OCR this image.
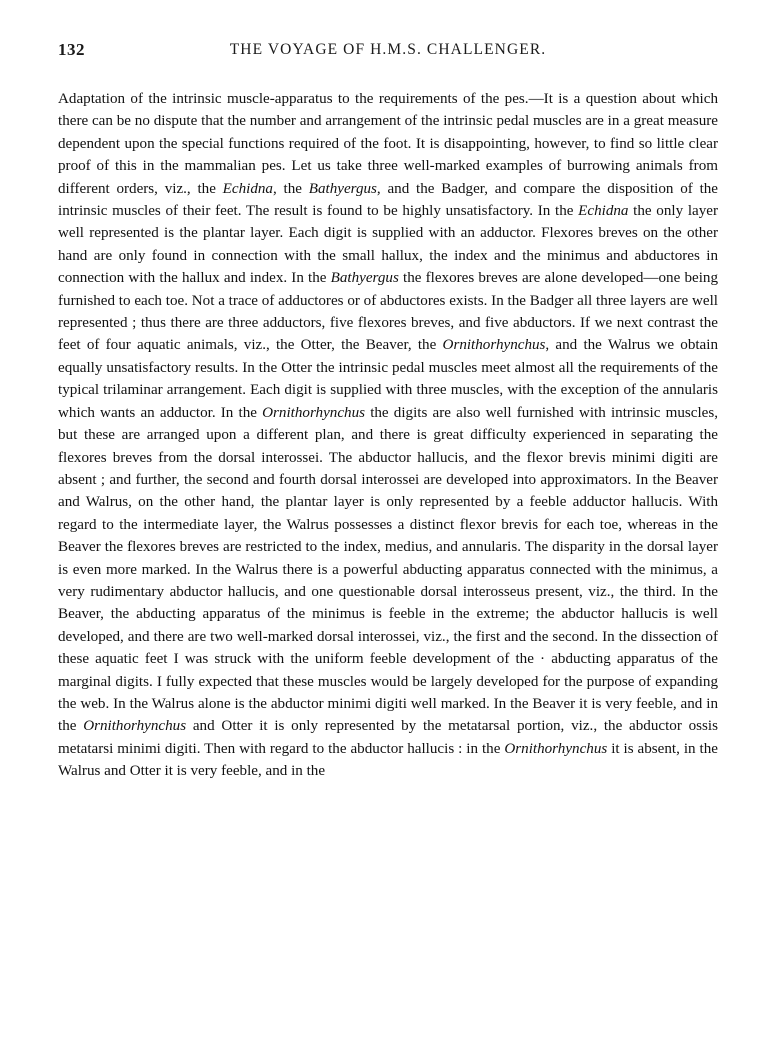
132	THE VOYAGE OF H.M.S. CHALLENGER.
Adaptation of the intrinsic muscle-apparatus to the requirements of the pes.—It is a question about which there can be no dispute that the number and arrangement of the intrinsic pedal muscles are in a great measure dependent upon the special functions required of the foot. It is disappointing, however, to find so little clear proof of this in the mammalian pes. Let us take three well-marked examples of burrowing animals from different orders, viz., the Echidna, the Bathyergus, and the Badger, and compare the disposition of the intrinsic muscles of their feet. The result is found to be highly unsatisfactory. In the Echidna the only layer well represented is the plantar layer. Each digit is supplied with an adductor. Flexores breves on the other hand are only found in connection with the small hallux, the index and the minimus and abductores in connection with the hallux and index. In the Bathyergus the flexores breves are alone developed—one being furnished to each toe. Not a trace of adductores or of abductores exists. In the Badger all three layers are well represented ; thus there are three adductors, five flexores breves, and five abductors. If we next contrast the feet of four aquatic animals, viz., the Otter, the Beaver, the Ornithorhynchus, and the Walrus we obtain equally unsatisfactory results. In the Otter the intrinsic pedal muscles meet almost all the requirements of the typical trilaminar arrangement. Each digit is supplied with three muscles, with the exception of the annularis which wants an adductor. In the Ornithorhynchus the digits are also well furnished with intrinsic muscles, but these are arranged upon a different plan, and there is great difficulty experienced in separating the flexores breves from the dorsal interossei. The abductor hallucis, and the flexor brevis minimi digiti are absent ; and further, the second and fourth dorsal interossei are developed into approximators. In the Beaver and Walrus, on the other hand, the plantar layer is only represented by a feeble adductor hallucis. With regard to the intermediate layer, the Walrus possesses a distinct flexor brevis for each toe, whereas in the Beaver the flexores breves are restricted to the index, medius, and annularis. The disparity in the dorsal layer is even more marked. In the Walrus there is a powerful abducting apparatus connected with the minimus, a very rudimentary abductor hallucis, and one questionable dorsal interosseus present, viz., the third. In the Beaver, the abducting apparatus of the minimus is feeble in the extreme; the abductor hallucis is well developed, and there are two well-marked dorsal interossei, viz., the first and the second. In the dissection of these aquatic feet I was struck with the uniform feeble development of the · abducting apparatus of the marginal digits. I fully expected that these muscles would be largely developed for the purpose of expanding the web. In the Walrus alone is the abductor minimi digiti well marked. In the Beaver it is very feeble, and in the Ornithorhynchus and Otter it is only represented by the metatarsal portion, viz., the abductor ossis metatarsi minimi digiti. Then with regard to the abductor hallucis : in the Ornithorhynchus it is absent, in the Walrus and Otter it is very feeble, and in the
